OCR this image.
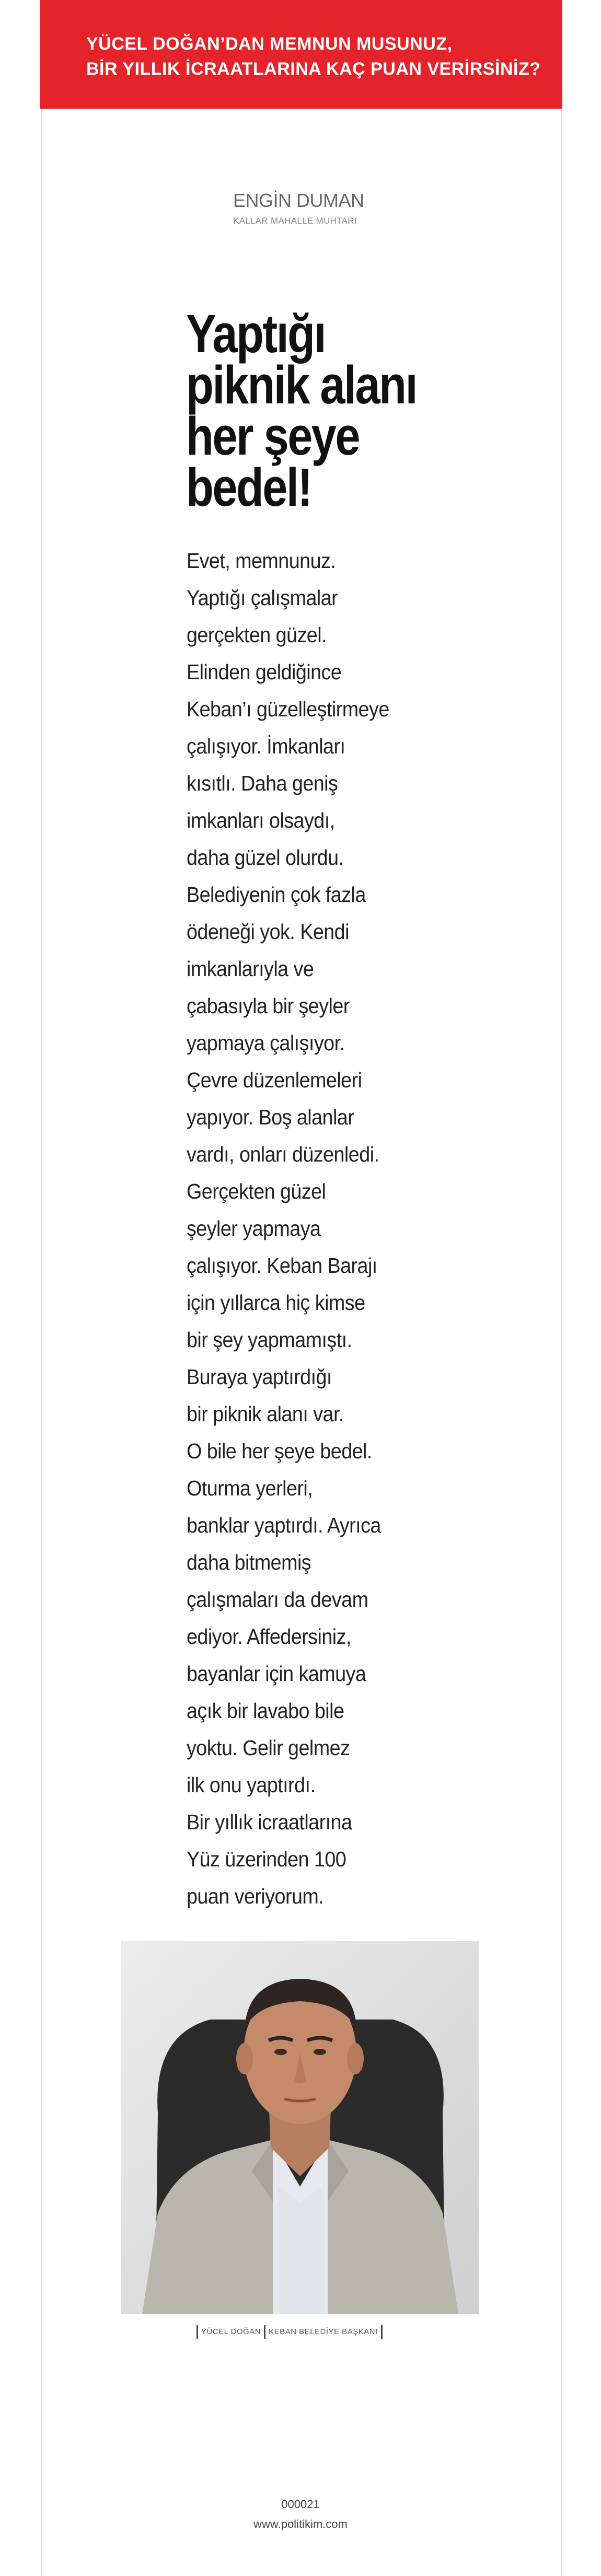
YÜCEL DOĞAN’DAN MEMNUN MUSUNUZ,
BİR YILLIK İCRAATLARINA KAÇ PUAN VERİRSİNİZ?
ENGİN DUMAN
KALLAR MAHALLE MUHTARI
Yaptığı
piknik alanı
her şeye
bedel!
Evet, memnunuz.
Yaptığı çalışmalar
gerçekten güzel.
Elinden geldiğince
Keban’ı güzelleştirmeye
çalışıyor. İmkanları
kısıtlı. Daha geniş
imkanları olsaydı,
daha güzel olurdu.
Belediyenin çok fazla
ödeneği yok. Kendi
imkanlarıyla ve
çabasıyla bir şeyler
yapmaya çalışıyor.
Çevre düzenlemeleri
yapıyor. Boş alanlar
vardı, onları düzenledi.
Gerçekten güzel
şeyler yapmaya
çalışıyor. Keban Barajı
için yıllarca hiç kimse
bir şey yapmamıştı.
Buraya yaptırdığı
bir piknik alanı var.
O bile her şeye bedel.
Oturma yerleri,
banklar yaptırdı. Ayrıca
daha bitmemiş
çalışmaları da devam
ediyor. Affedersiniz,
bayanlar için kamuya
açık bir lavabo bile
yoktu. Gelir gelmez
ilk onu yaptırdı.
Bir yıllık icraatlarına
Yüz üzerinden 100
puan veriyorum.
YÜCEL DOĞAN KEBAN BELEDİYE BAŞKANI
000021
www.politikim.com
